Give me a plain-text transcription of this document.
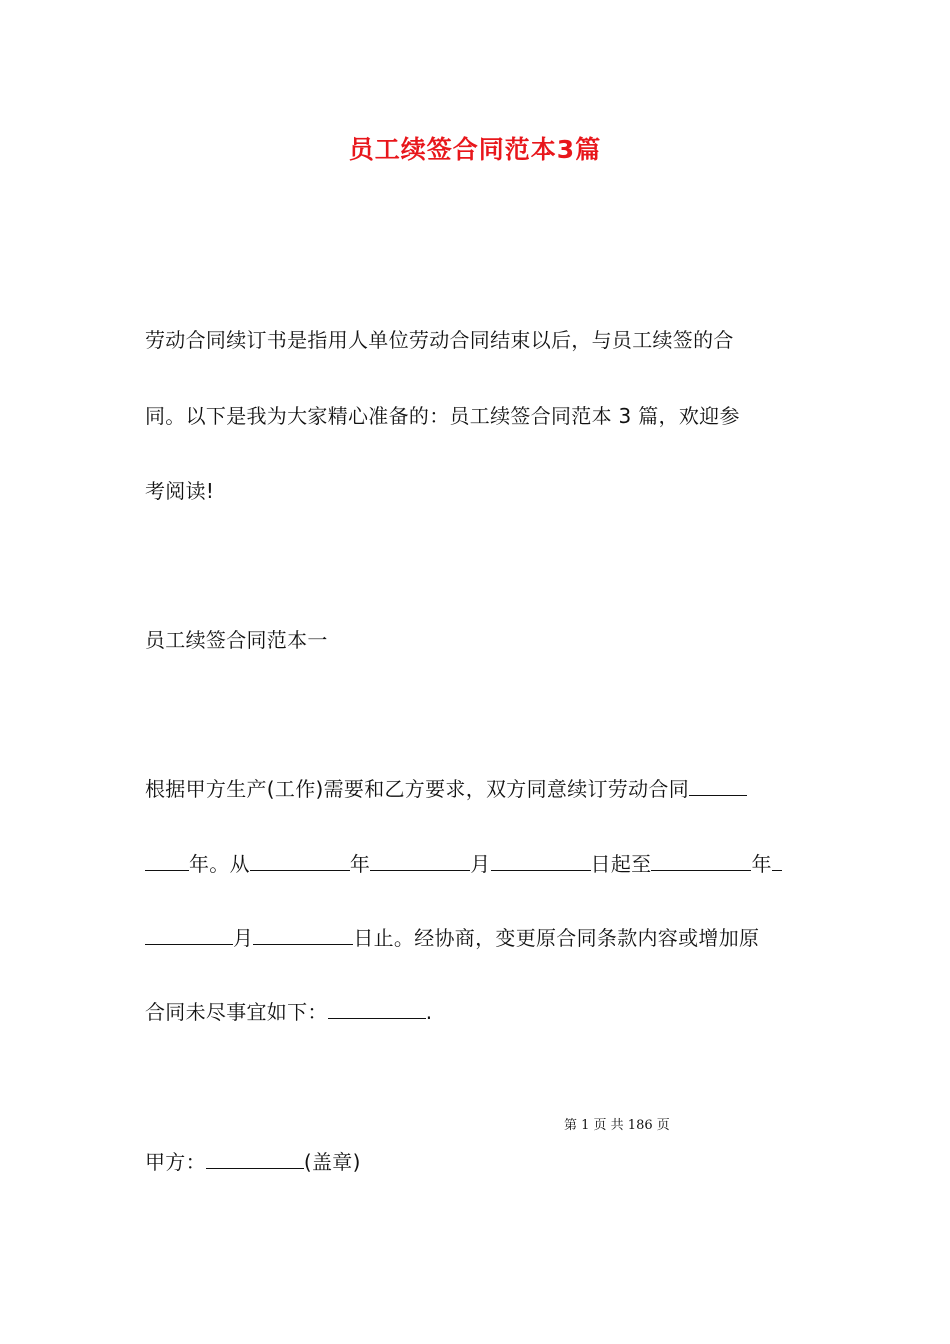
员工续签合同范本3篇
劳动合同续订书是指用人单位劳动合同结束以后，与员工续签的合
同。以下是我为大家精心准备的：员工续签合同范本 3 篇，欢迎参
考阅读!
员工续签合同范本一
根据甲方生产(工作)需要和乙方要求，双方同意续订劳动合同
年。从	年	月	日起至	年
月	日止。经协商，变更原合同条款内容或增加原
合同未尽事宜如下：	.
第 1 页 共 186 页
甲方：	(盖章)
